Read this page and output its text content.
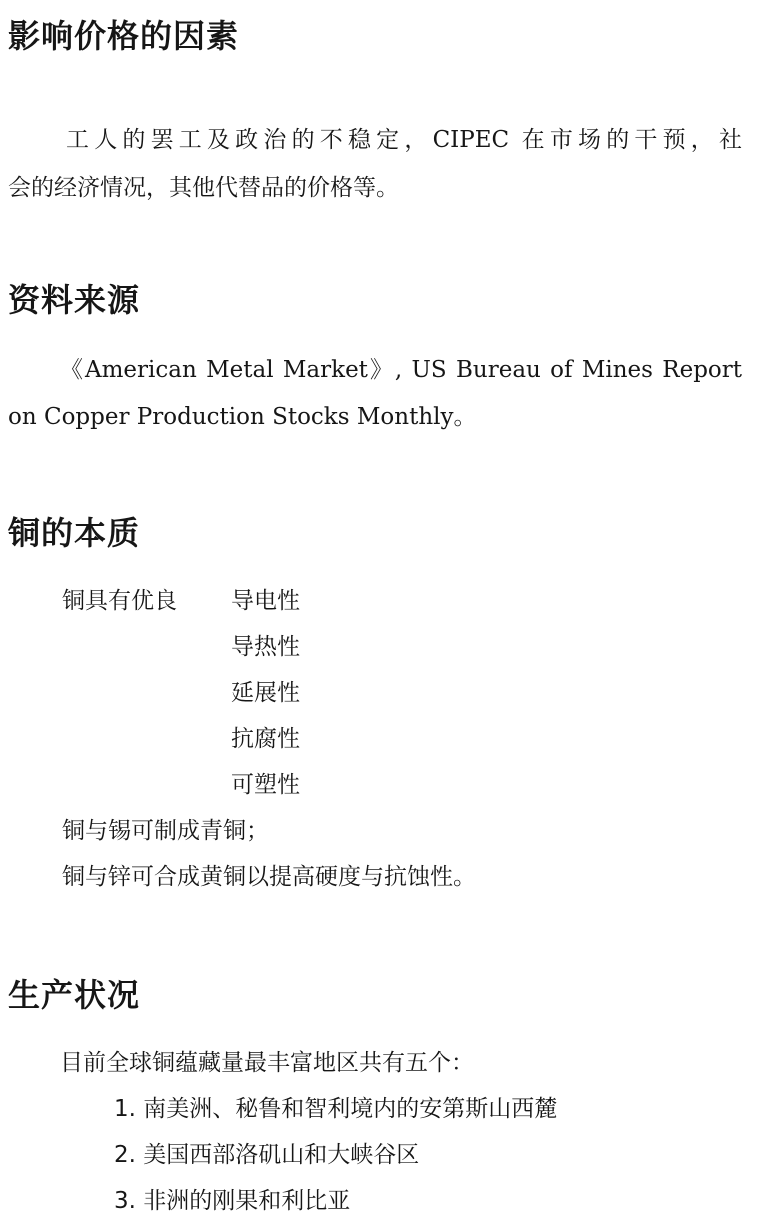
影响价格的因素
工人的罢工及政治的不稳定，CIPEC 在市场的干预，社
会的经济情况，其他代替品的价格等。
资料来源
《American Metal Market》, US Bureau of Mines Report
on Copper Production Stocks Monthly。
铜的本质
铜具有优良 导电性
导热性
延展性
抗腐性
可塑性
铜与锡可制成青铜；
铜与锌可合成黄铜以提高硬度与抗蚀性。
生产状况
目前全球铜蕴藏量最丰富地区共有五个：
1. 南美洲、秘鲁和智利境内的安第斯山西麓
2. 美国西部洛矶山和大峡谷区
3. 非洲的刚果和利比亚
